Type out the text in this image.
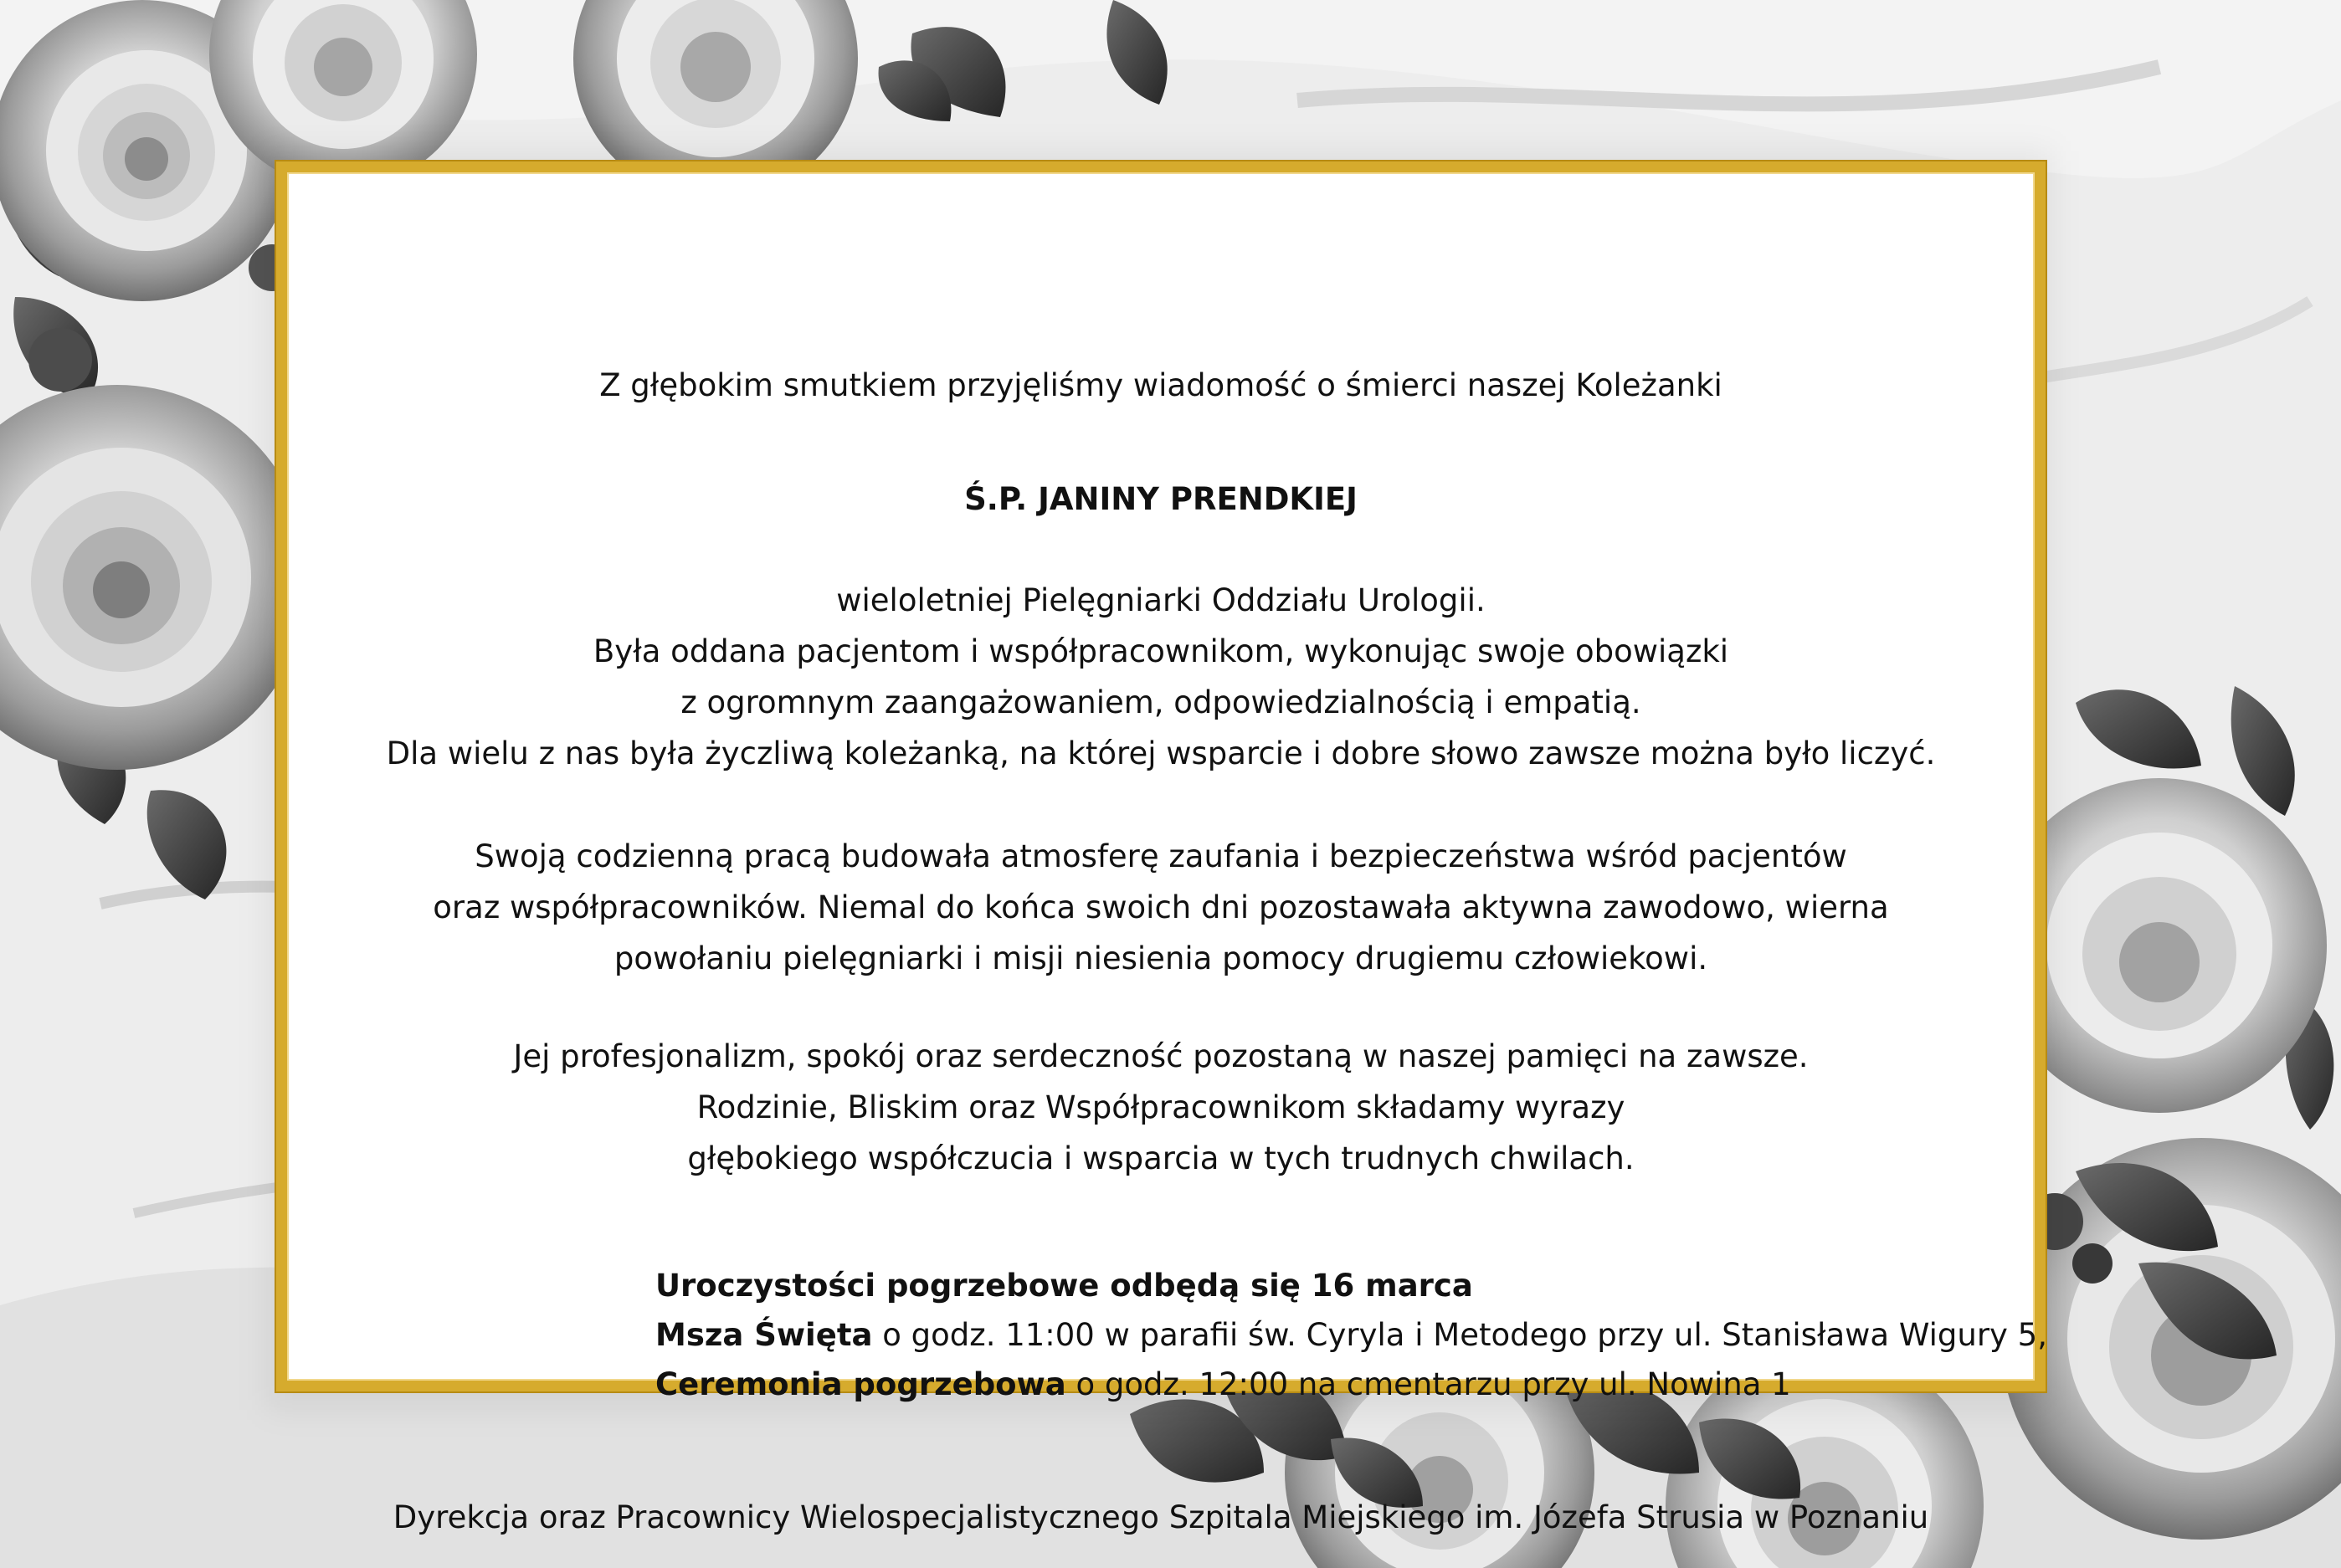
Z głębokim smutkiem przyjęliśmy wiadomość o śmierci naszej Koleżanki
Ś.P. JANINY PRENDKIEJ
wieloletniej Pielęgniarki Oddziału Urologii.
Była oddana pacjentom i współpracownikom, wykonując swoje obowiązki
z ogromnym zaangażowaniem, odpowiedzialnością i empatią.
Dla wielu z nas była życzliwą koleżanką, na której wsparcie i dobre słowo zawsze można było liczyć.
Swoją codzienną pracą budowała atmosferę zaufania i bezpieczeństwa wśród pacjentów
oraz współpracowników. Niemal do końca swoich dni pozostawała aktywna zawodowo, wierna
powołaniu pielęgniarki i misji niesienia pomocy drugiemu człowiekowi.
Jej profesjonalizm, spokój oraz serdeczność pozostaną w naszej pamięci na zawsze.
Rodzinie, Bliskim oraz Współpracownikom składamy wyrazy
głębokiego współczucia i wsparcia w tych trudnych chwilach.
Uroczystości pogrzebowe odbędą się 16 marca
Msza Święta o godz. 11:00 w parafii św. Cyryla i Metodego przy ul. Stanisława Wigury 5,
Ceremonia pogrzebowa o godz. 12:00 na cmentarzu przy ul. Nowina 1
Dyrekcja oraz Pracownicy Wielospecjalistycznego Szpitala Miejskiego im. Józefa Strusia w Poznaniu
